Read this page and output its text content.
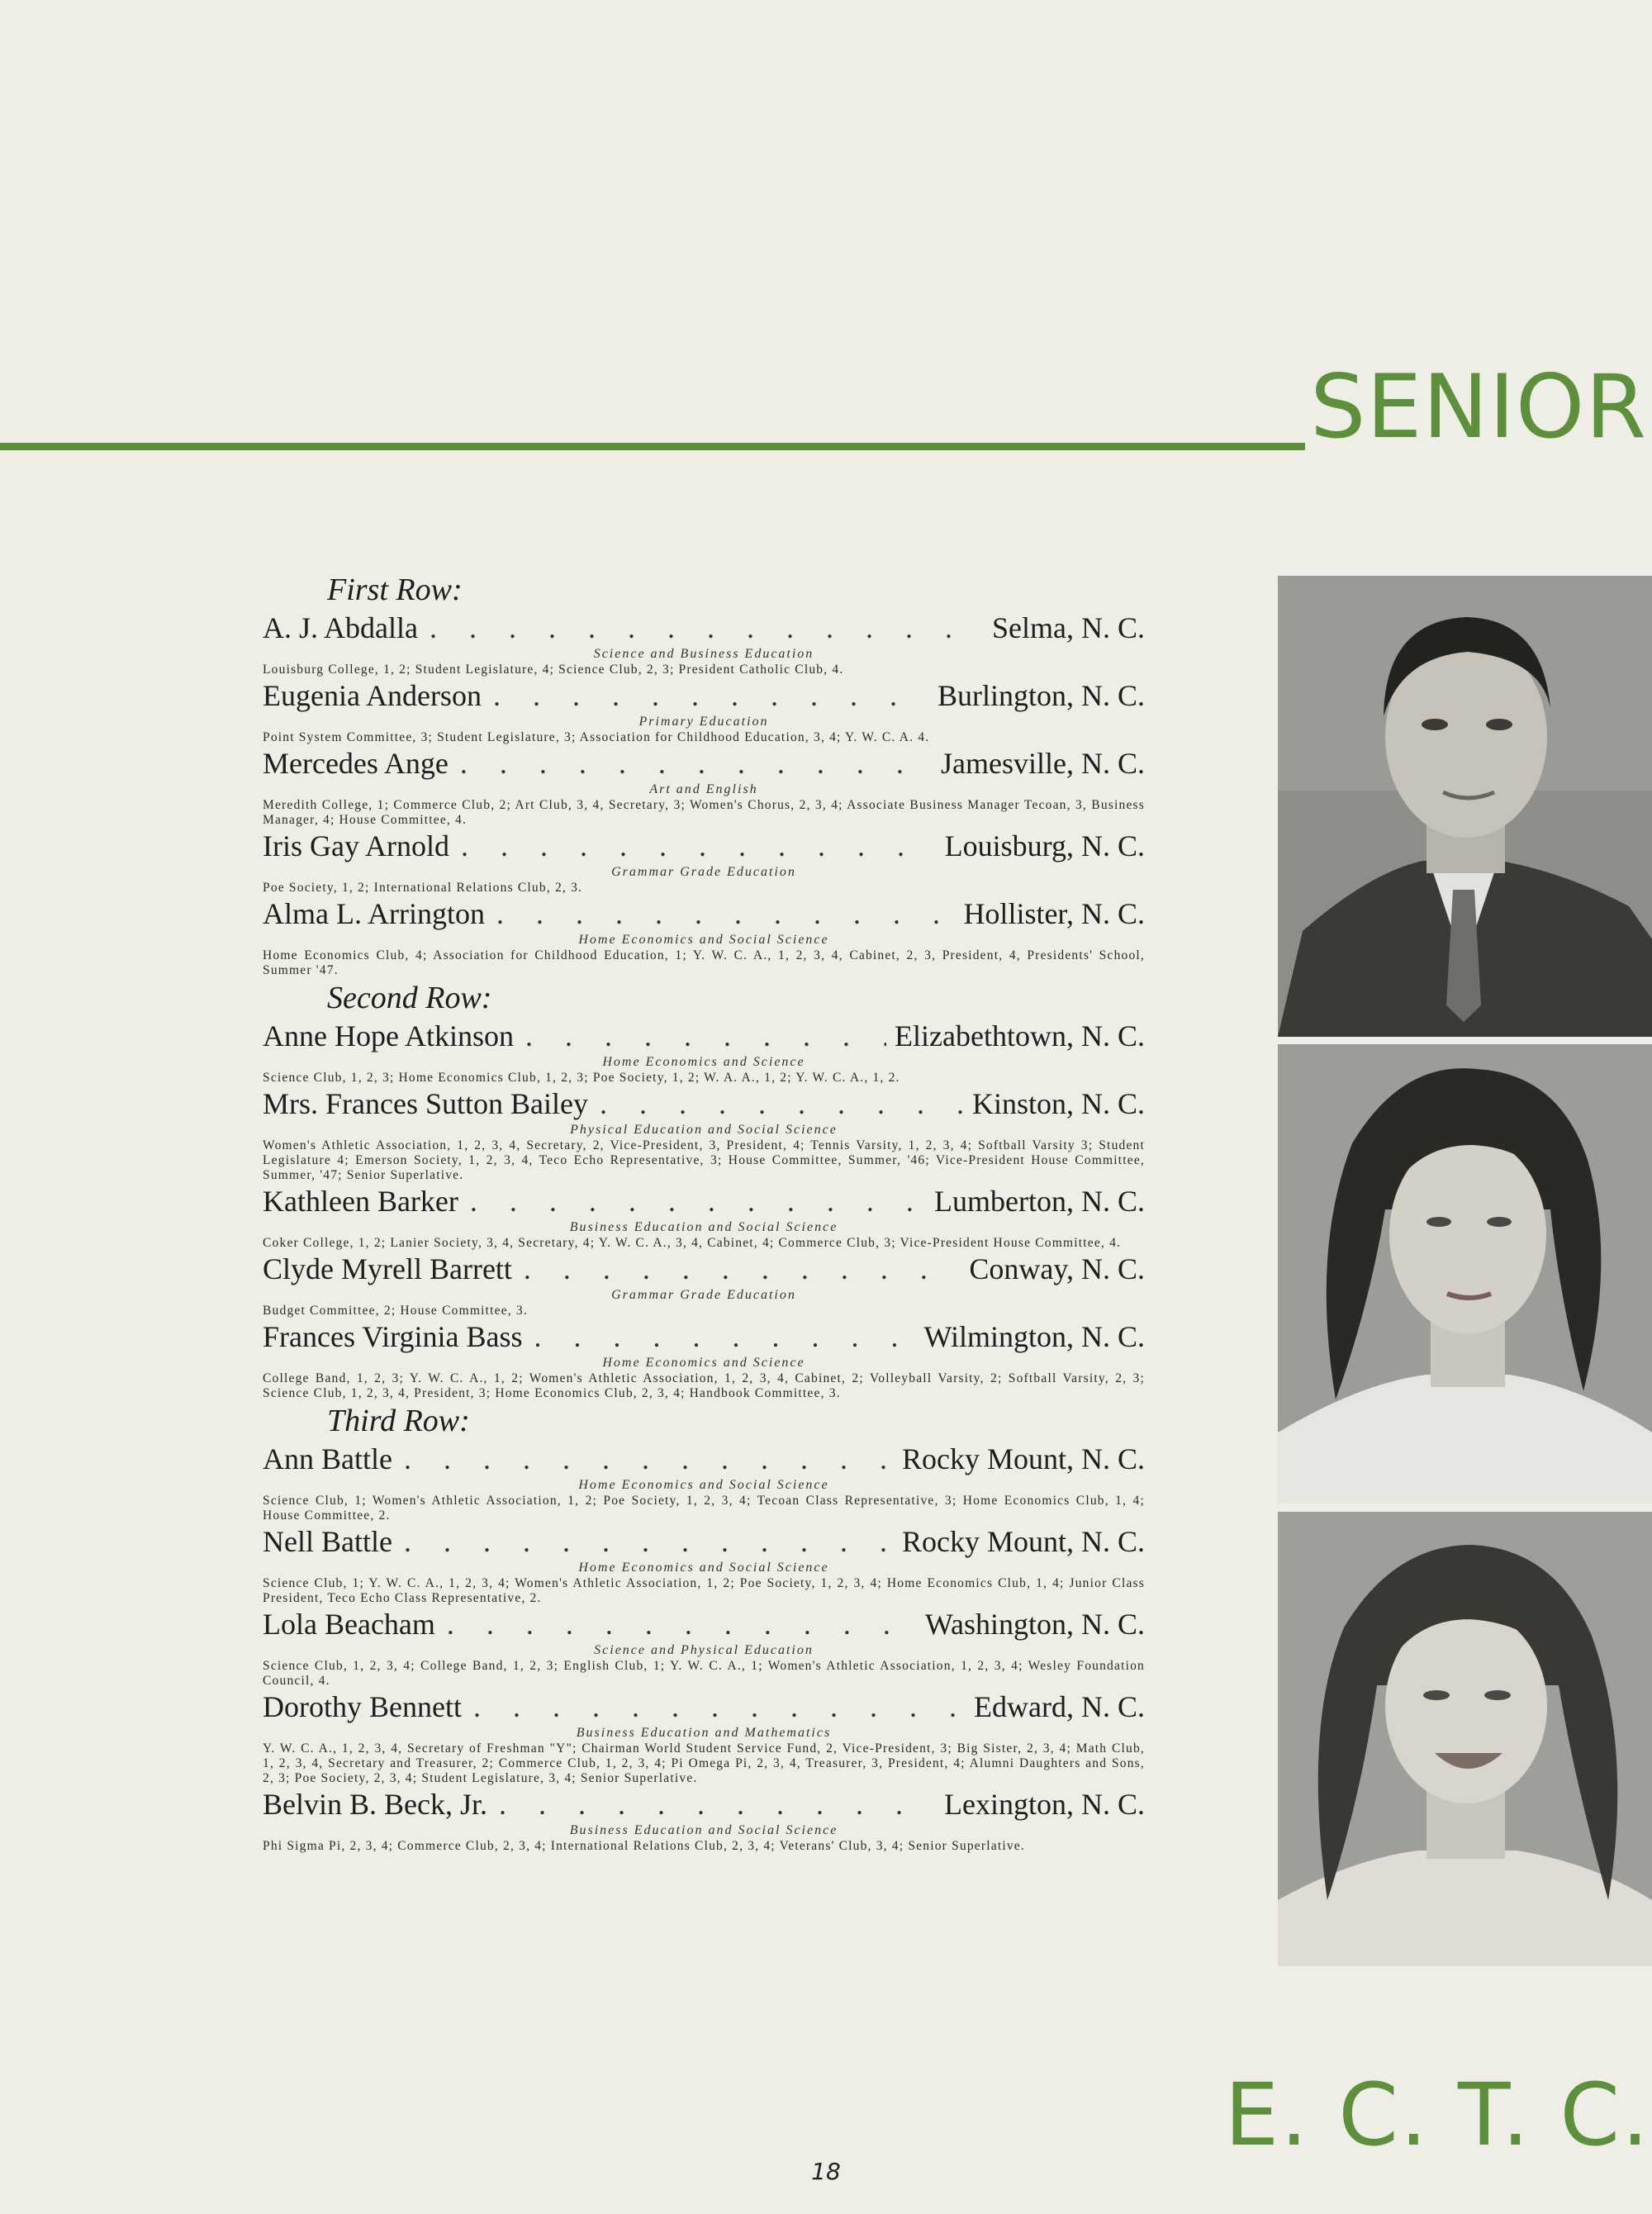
SENIOR
First Row:
A. J. Abdalla . . .	Selma, N. C.
Science and Business Education
Louisburg College, 1, 2; Student Legislature, 4; Science Club, 2, 3; President Catholic Club, 4.
Eugenia Anderson . . .	Burlington, N. C.
Primary Education
Point System Committee, 3; Student Legislature, 3; Association for Childhood Education, 3, 4; Y. W. C. A. 4.
Mercedes Ange . . .	Jamesville, N. C.
Art and English
Meredith College, 1; Commerce Club, 2; Art Club, 3, 4, Secretary, 3; Women's Chorus, 2, 3, 4; Associate Business Manager Tecoan, 3, Business Manager, 4; House Committee, 4.
Iris Gay Arnold . . .	Louisburg, N. C.
Grammar Grade Education
Poe Society, 1, 2; International Relations Club, 2, 3.
Alma L. Arrington . . .	Hollister, N. C.
Home Economics and Social Science
Home Economics Club, 4; Association for Childhood Education, 1; Y. W. C. A., 1, 2, 3, 4, Cabinet, 2, 3, President, 4, Presidents' School, Summer '47.
Second Row:
Anne Hope Atkinson . . .	Elizabethtown, N. C.
Home Economics and Science
Science Club, 1, 2, 3; Home Economics Club, 1, 2, 3; Poe Society, 1, 2; W. A. A., 1, 2; Y. W. C. A., 1, 2.
Mrs. Frances Sutton Bailey . . .	Kinston, N. C.
Physical Education and Social Science
Women's Athletic Association, 1, 2, 3, 4, Secretary, 2, Vice-President, 3, President, 4; Tennis Varsity, 1, 2, 3, 4; Softball Varsity 3; Student Legislature 4; Emerson Society, 1, 2, 3, 4, Teco Echo Representative, 3; House Committee, Summer, '46; Vice-President House Committee, Summer, '47; Senior Superlative.
Kathleen Barker . . .	Lumberton, N. C.
Business Education and Social Science
Coker College, 1, 2; Lanier Society, 3, 4, Secretary, 4; Y. W. C. A., 3, 4, Cabinet, 4; Commerce Club, 3; Vice-President House Committee, 4.
Clyde Myrell Barrett . . .	Conway, N. C.
Grammar Grade Education
Budget Committee, 2; House Committee, 3.
Frances Virginia Bass . . .	Wilmington, N. C.
Home Economics and Science
College Band, 1, 2, 3; Y. W. C. A., 1, 2; Women's Athletic Association, 1, 2, 3, 4, Cabinet, 2; Volleyball Varsity, 2; Softball Varsity, 2, 3; Science Club, 1, 2, 3, 4, President, 3; Home Economics Club, 2, 3, 4; Handbook Committee, 3.
Third Row:
Ann Battle . . .	Rocky Mount, N. C.
Home Economics and Social Science
Science Club, 1; Women's Athletic Association, 1, 2; Poe Society, 1, 2, 3, 4; Tecoan Class Representative, 3; Home Economics Club, 1, 4; House Committee, 2.
Nell Battle . . .	Rocky Mount, N. C.
Home Economics and Social Science
Science Club, 1; Y. W. C. A., 1, 2, 3, 4; Women's Athletic Association, 1, 2; Poe Society, 1, 2, 3, 4; Home Economics Club, 1, 4; Junior Class President, Teco Echo Class Representative, 2.
Lola Beacham . . .	Washington, N. C.
Science and Physical Education
Science Club, 1, 2, 3, 4; College Band, 1, 2, 3; English Club, 1; Y. W. C. A., 1; Women's Athletic Association, 1, 2, 3, 4; Wesley Foundation Council, 4.
Dorothy Bennett . . .	Edward, N. C.
Business Education and Mathematics
Y. W. C. A., 1, 2, 3, 4, Secretary of Freshman "Y"; Chairman World Student Service Fund, 2, Vice-President, 3; Big Sister, 2, 3, 4; Math Club, 1, 2, 3, 4, Secretary and Treasurer, 2; Commerce Club, 1, 2, 3, 4; Pi Omega Pi, 2, 3, 4, Treasurer, 3, President, 4; Alumni Daughters and Sons, 2, 3; Poe Society, 2, 3, 4; Student Legislature, 3, 4; Senior Superlative.
Belvin B. Beck, Jr. . . .	Lexington, N. C.
Business Education and Social Science
Phi Sigma Pi, 2, 3, 4; Commerce Club, 2, 3, 4; International Relations Club, 2, 3, 4; Veterans' Club, 3, 4; Senior Superlative.
E. C. T. C.
18
